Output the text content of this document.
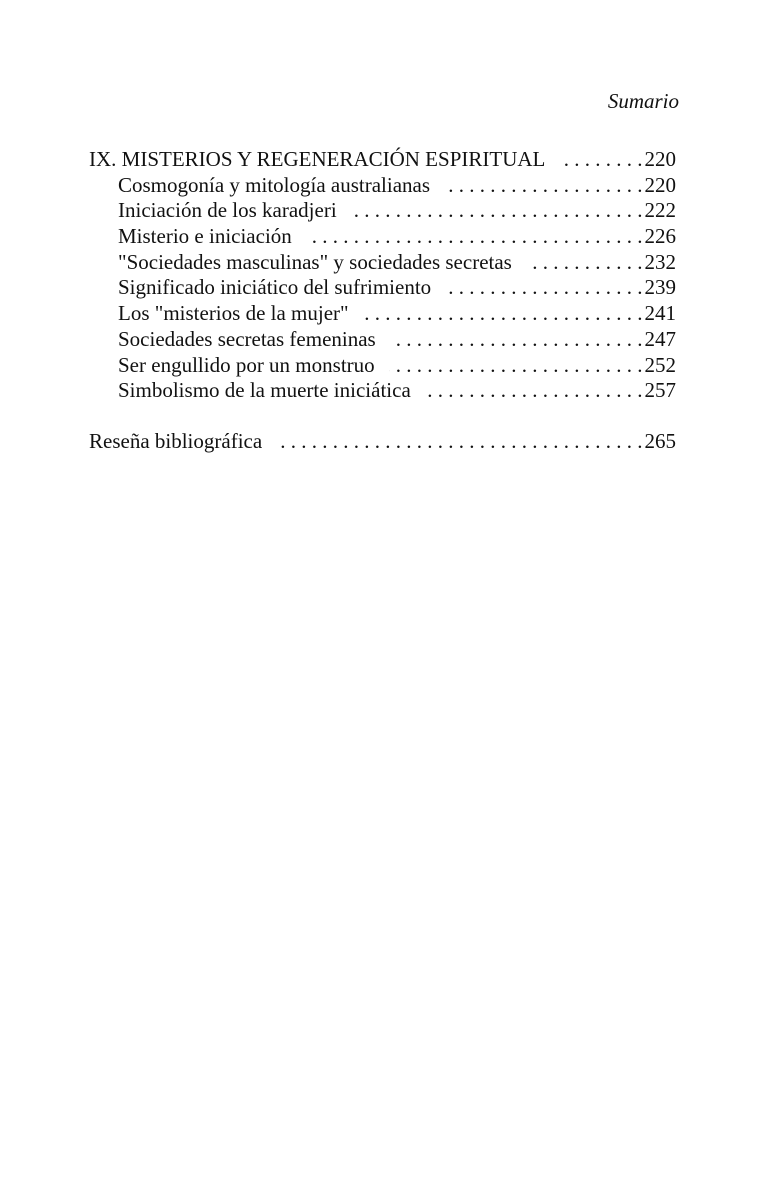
Sumario
IX. MISTERIOS Y REGENERACIÓN ESPIRITUAL . . .	220
Cosmogonía y mitología australianas . . .	220
Iniciación de los karadjeri . . .	222
Misterio e iniciación . . .	226
"Sociedades masculinas" y sociedades secretas . . .	232
Significado iniciático del sufrimiento . . .	239
Los "misterios de la mujer" . . .	241
Sociedades secretas femeninas . . .	247
Ser engullido por un monstruo . . .	252
Simbolismo de la muerte iniciática . . .	257
Reseña bibliográfica . . .	265
